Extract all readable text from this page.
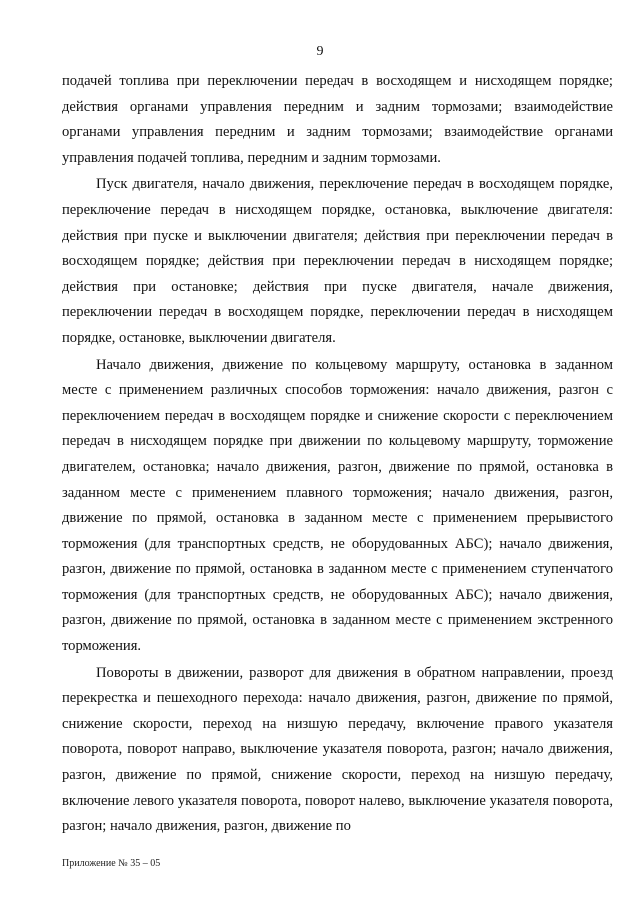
9

подачей топлива при переключении передач в восходящем и нисходящем порядке; действия органами управления передним и задним тормозами; взаимодействие органами управления передним и задним тормозами; взаимодействие органами управления подачей топлива, передним и задним тормозами.

Пуск двигателя, начало движения, переключение передач в восходящем порядке, переключение передач в нисходящем порядке, остановка, выключение двигателя: действия при пуске и выключении двигателя; действия при переключении передач в восходящем порядке; действия при переключении передач в нисходящем порядке; действия при остановке; действия при пуске двигателя, начале движения, переключении передач в восходящем порядке, переключении передач в нисходящем порядке, остановке, выключении двигателя.

Начало движения, движение по кольцевому маршруту, остановка в заданном месте с применением различных способов торможения: начало движения, разгон с переключением передач в восходящем порядке и снижение скорости с переключением передач в нисходящем порядке при движении по кольцевому маршруту, торможение двигателем, остановка; начало движения, разгон, движение по прямой, остановка в заданном месте с применением плавного торможения; начало движения, разгон, движение по прямой, остановка в заданном месте с применением прерывистого торможения (для транспортных средств, не оборудованных АБС); начало движения, разгон, движение по прямой, остановка в заданном месте с применением ступенчатого торможения (для транспортных средств, не оборудованных АБС); начало движения, разгон, движение по прямой, остановка в заданном месте с применением экстренного торможения.

Повороты в движении, разворот для движения в обратном направлении, проезд перекрестка и пешеходного перехода: начало движения, разгон, движение по прямой, снижение скорости, переход на низшую передачу, включение правого указателя поворота, поворот направо, выключение указателя поворота, разгон; начало движения, разгон, движение по прямой, снижение скорости, переход на низшую передачу, включение левого указателя поворота, поворот налево, выключение указателя поворота, разгон; начало движения, разгон, движение по

Приложение № 35 – 05
